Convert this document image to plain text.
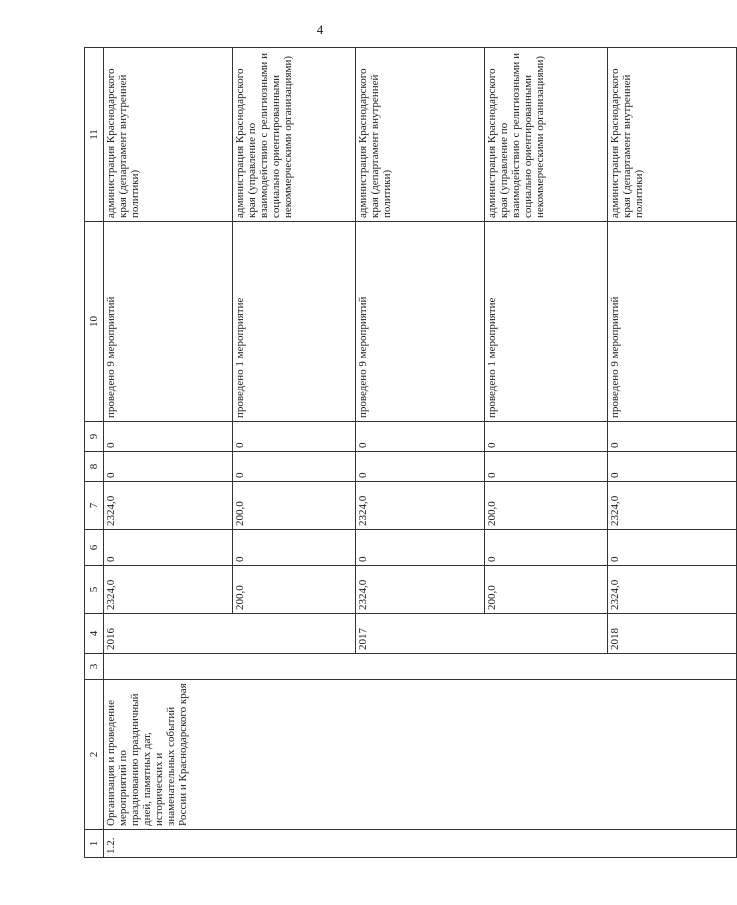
4
1	2	3	4	5	6	7	8	9	10	11
1.2.	Организация и проведение мероприятий по празднованию праздничный дней, памятных дат, исторических и знаменательных событий России и Краснодарского края		2016	2324,0	0	2324,0	0	0	проведено 9 мероприятий	администрация Краснодарского края (департамент внутренней политики)
				200,0	0	200,0	0	0	проведено 1 мероприятие	администрация Краснодарского края (управление по взаимодействию с религиозными и социально ориентированными некоммерческими организациями)
			2017	2324,0	0	2324,0	0	0	проведено 9 мероприятий	администрация Краснодарского края (департамент внутренней политики)
				200,0	0	200,0	0	0	проведено 1 мероприятие	администрация Краснодарского края (управление по взаимодействию с религиозными и социально ориентированными некоммерческими организациями)
			2018	2324,0	0	2324,0	0	0	проведено 9 мероприятий	администрация Краснодарского края (департамент внутренней политики)
